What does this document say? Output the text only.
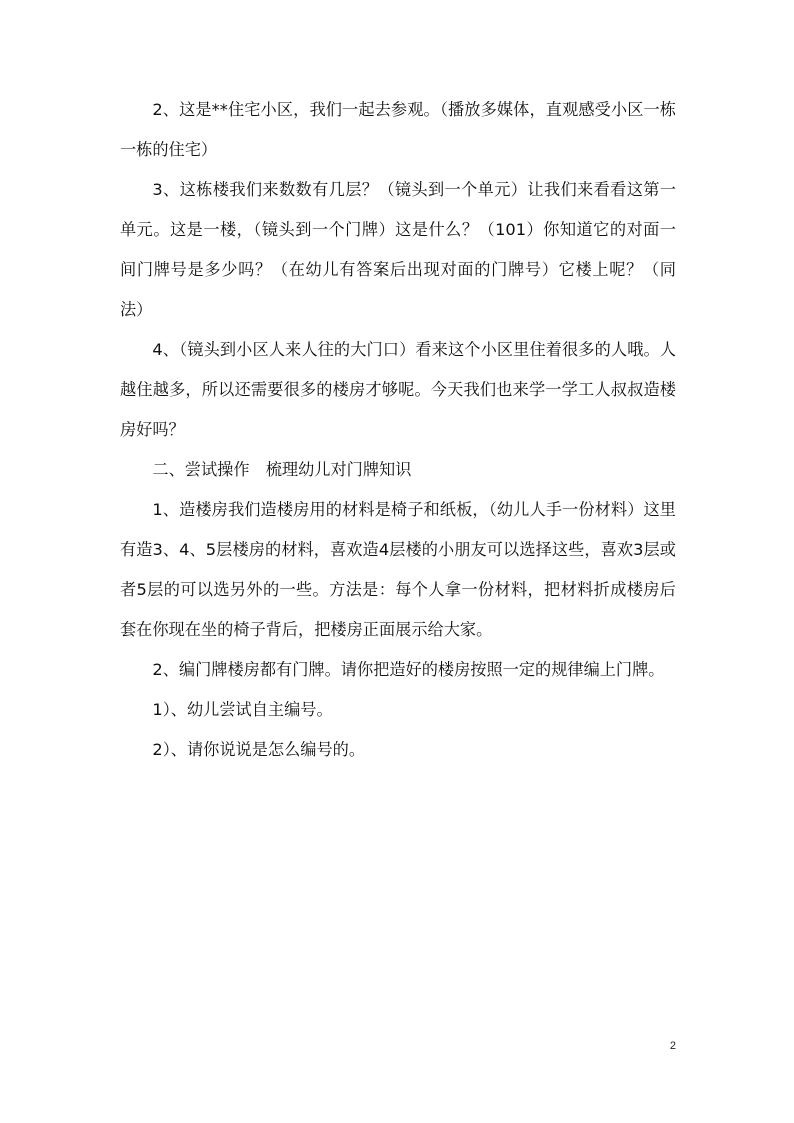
2、这是**住宅小区，我们一起去参观。（播放多媒体，直观感受小区一栋一栋的住宅）

3、这栋楼我们来数数有几层？（镜头到一个单元）让我们来看看这第一单元。这是一楼，（镜头到一个门牌）这是什么？（101）你知道它的对面一间门牌号是多少吗？（在幼儿有答案后出现对面的门牌号）它楼上呢？（同法）

4、（镜头到小区人来人往的大门口）看来这个小区里住着很多的人哦。人越住越多，所以还需要很多的楼房才够呢。今天我们也来学一学工人叔叔造楼房好吗？

二、尝试操作　梳理幼儿对门牌知识

1、造楼房我们造楼房用的材料是椅子和纸板，（幼儿人手一份材料）这里有造3、4、5层楼房的材料，喜欢造4层楼的小朋友可以选择这些，喜欢3层或者5层的可以选另外的一些。方法是：每个人拿一份材料，把材料折成楼房后套在你现在坐的椅子背后，把楼房正面展示给大家。

2、编门牌楼房都有门牌。请你把造好的楼房按照一定的规律编上门牌。

1）、幼儿尝试自主编号。

2）、请你说说是怎么编号的。

2
